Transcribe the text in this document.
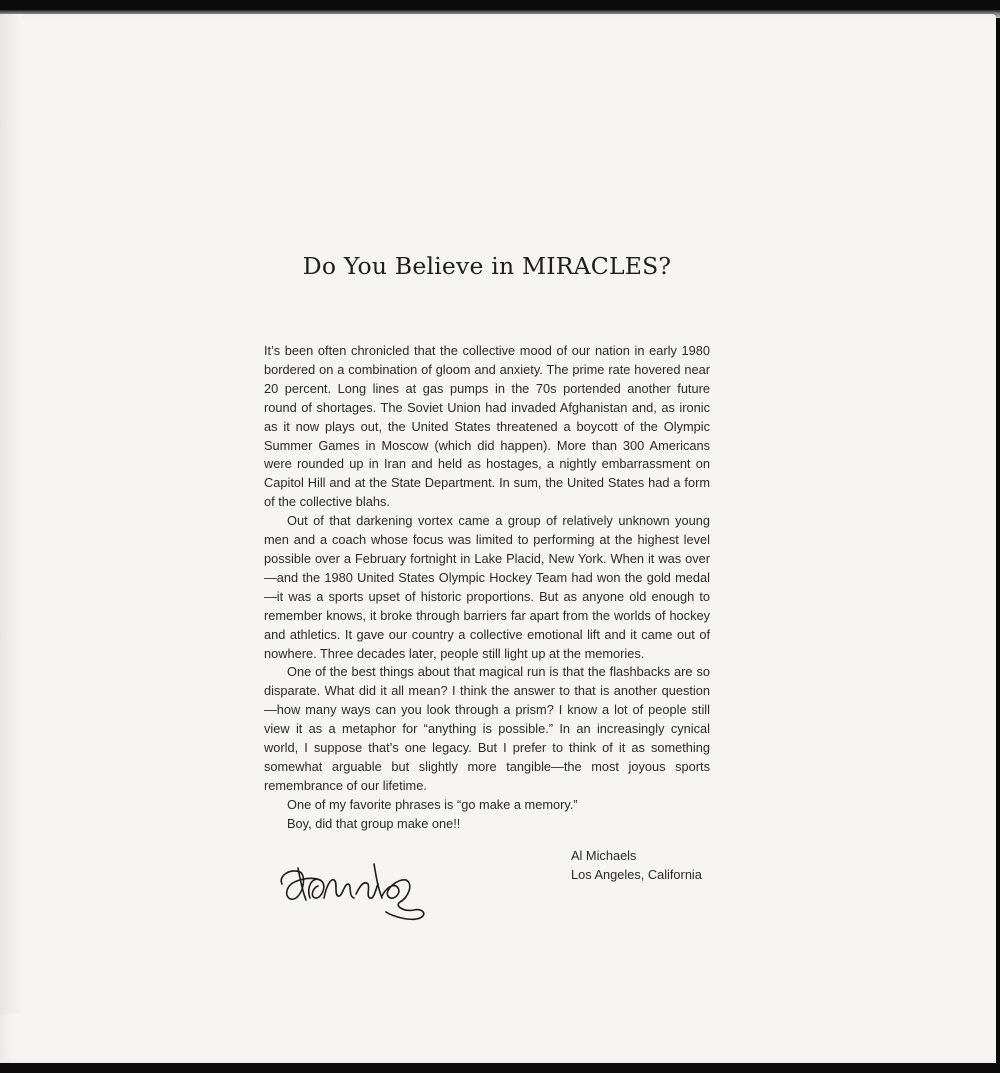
Do You Believe in MIRACLES?

It’s been often chronicled that the collective mood of our nation in early 1980 bordered on a combination of gloom and anxiety. The prime rate hovered near 20 percent. Long lines at gas pumps in the 70s portended another future round of shortages. The Soviet Union had invaded Afghanistan and, as ironic as it now plays out, the United States threatened a boycott of the Olympic Summer Games in Moscow (which did happen). More than 300 Americans were rounded up in Iran and held as hostages, a nightly embarrassment on Capitol Hill and at the State Department. In sum, the United States had a form of the collective blahs.

Out of that darkening vortex came a group of relatively unknown young men and a coach whose focus was limited to performing at the highest level possible over a February fortnight in Lake Placid, New York. When it was over—and the 1980 United States Olympic Hockey Team had won the gold medal—it was a sports upset of historic proportions. But as anyone old enough to remember knows, it broke through barriers far apart from the worlds of hockey and athletics. It gave our country a collective emotional lift and it came out of nowhere. Three decades later, people still light up at the memories.

One of the best things about that magical run is that the flashbacks are so disparate. What did it all mean? I think the answer to that is another question—how many ways can you look through a prism? I know a lot of people still view it as a metaphor for “anything is possible.” In an increasingly cynical world, I suppose that’s one legacy. But I prefer to think of it as something somewhat arguable but slightly more tangible—the most joyous sports remembrance of our lifetime.

One of my favorite phrases is “go make a memory.”

Boy, did that group make one!!

Al Michaels
Los Angeles, California
